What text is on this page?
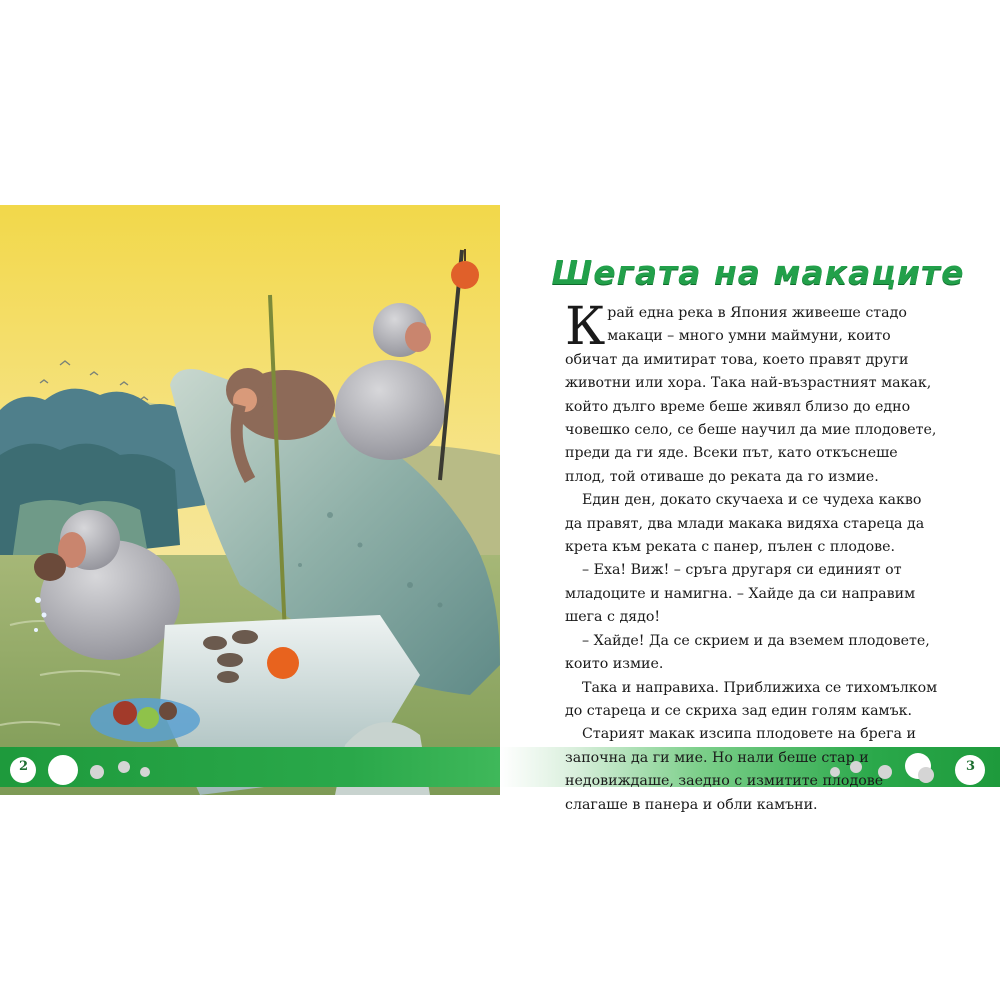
2	3
Шегата на макаците

Край една река в Япония живееше стадо макаци – много умни маймуни, които обичат да имитират това, което правят други животни или хора. Така най-възрастният макак, който дълго време беше живял близо до едно човешко село, се беше научил да мие плодовете, преди да ги яде. Всеки път, като откъснеше плод, той отиваше до реката да го измие.

Един ден, докато скучаеха и се чудеха какво да правят, два млади макака видяха стареца да крета към реката с панер, пълен с плодове.

– Еха! Виж! – сръга другаря си единият от младоците и намигна. – Хайде да си направим шега с дядо!

– Хайде! Да се скрием и да вземем плодовете, които измие.

Така и направиха. Приближиха се тихомълком до стареца и се скриха зад един голям камък.

Старият макак изсипа плодовете на брега и започна да ги мие. Но нали беше стар и недовиждаше, заедно с измитите плодове слагаше в панера и обли камъни.
